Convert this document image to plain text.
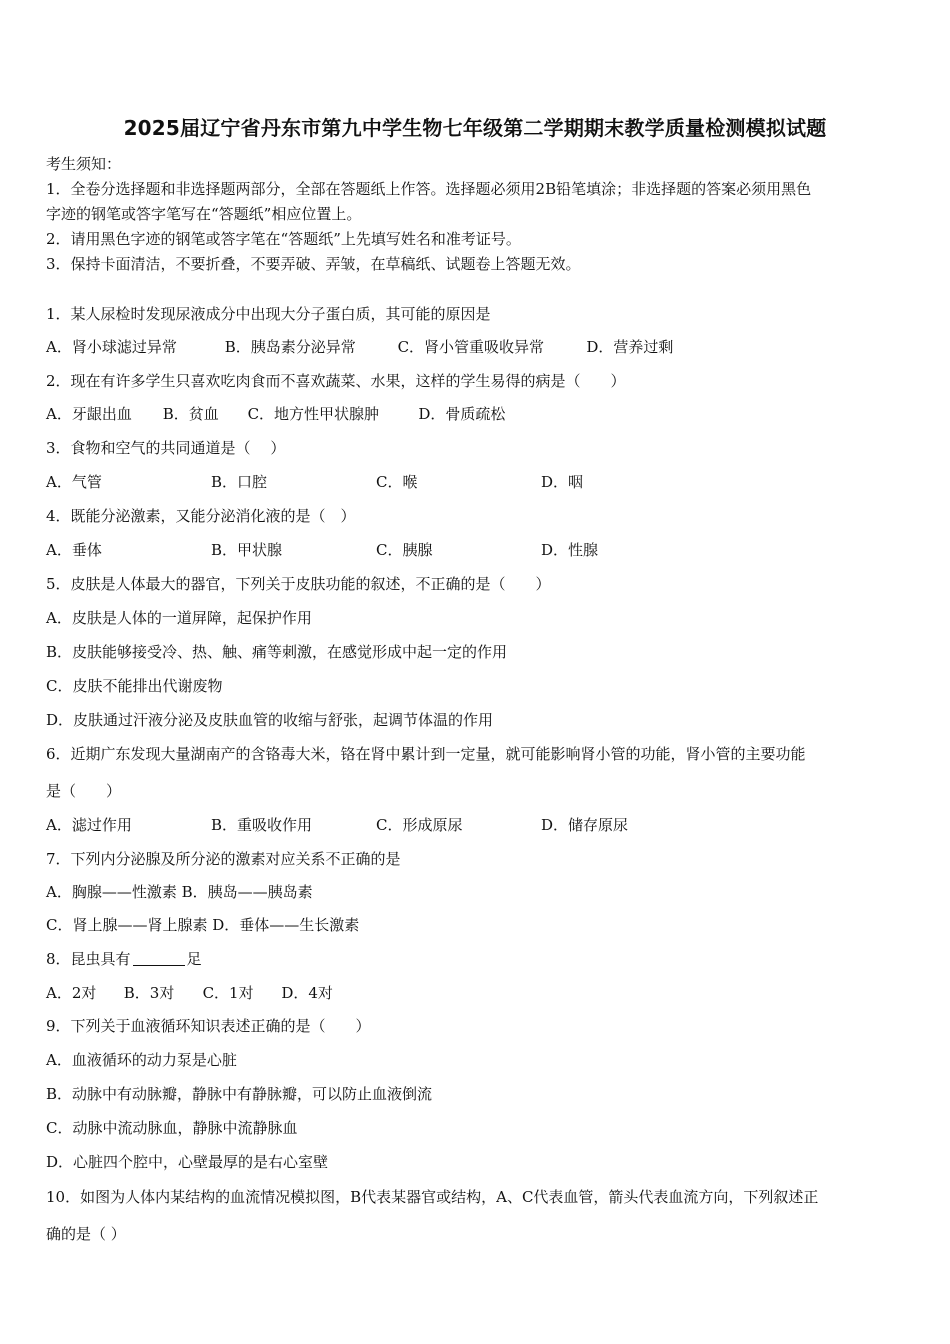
2025届辽宁省丹东市第九中学生物七年级第二学期期末教学质量检测模拟试题
考生须知：
1．全卷分选择题和非选择题两部分，全部在答题纸上作答。选择题必须用2B铅笔填涂；非选择题的答案必须用黑色
字迹的钢笔或答字笔写在“答题纸”相应位置上。
2．请用黑色字迹的钢笔或答字笔在“答题纸”上先填写姓名和准考证号。
3．保持卡面清洁，不要折叠，不要弄破、弄皱，在草稿纸、试题卷上答题无效。
1．某人尿检时发现尿液成分中出现大分子蛋白质，其可能的原因是
A．肾小球滤过异常	B．胰岛素分泌异常	C．肾小管重吸收异常	D．营养过剩
2．现在有许多学生只喜欢吃肉食而不喜欢蔬菜、水果，这样的学生易得的病是（　　）
A．牙龈出血 B．贫血 C．地方性甲状腺肿	D．骨质疏松
3．食物和空气的共同通道是（　 ）
A．气管	B．口腔	C．喉	D．咽
4．既能分泌激素，又能分泌消化液的是（　）
A．垂体	B．甲状腺	C．胰腺	D．性腺
5．皮肤是人体最大的器官，下列关于皮肤功能的叙述，不正确的是（　　）
A．皮肤是人体的一道屏障，起保护作用
B．皮肤能够接受冷、热、触、痛等刺激，在感觉形成中起一定的作用
C．皮肤不能排出代谢废物
D．皮肤通过汗液分泌及皮肤血管的收缩与舒张，起调节体温的作用
6．近期广东发现大量湖南产的含铬毒大米，铬在肾中累计到一定量，就可能影响肾小管的功能，肾小管的主要功能
是（　　）
A．滤过作用	B．重吸收作用	C．形成原尿	D．储存原尿
7．下列内分泌腺及所分泌的激素对应关系不正确的是
A．胸腺——性激素 B．胰岛——胰岛素
C．肾上腺——肾上腺素 D．垂体——生长激素
8．昆虫具有	足
A．2对 B．3对 C．1对 D．4对
9．下列关于血液循环知识表述正确的是（　　）
A．血液循环的动力泵是心脏
B．动脉中有动脉瓣，静脉中有静脉瓣，可以防止血液倒流
C．动脉中流动脉血，静脉中流静脉血
D．心脏四个腔中，心壁最厚的是右心室壁
10．如图为人体内某结构的血流情况模拟图，B代表某器官或结构，A、C代表血管，箭头代表血流方向，下列叙述正
确的是（ ）
